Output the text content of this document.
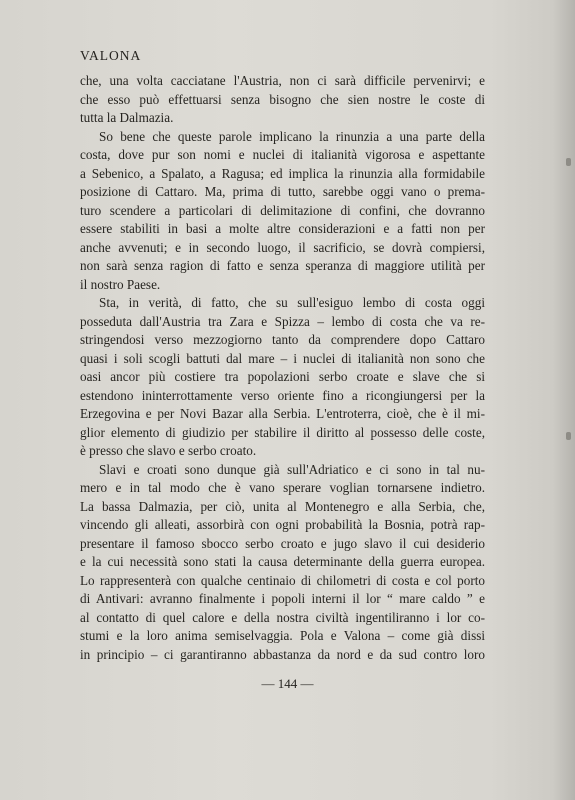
VALONA
che, una volta cacciatane l'Austria, non ci sarà difficile pervenirvi; e
che esso può effettuarsi senza bisogno che sien nostre le coste di
tutta la Dalmazia.
So bene che queste parole implicano la rinunzia a una parte della
costa, dove pur son nomi e nuclei di italianità vigorosa e aspettante
a Sebenico, a Spalato, a Ragusa; ed implica la rinunzia alla formidabile
posizione di Cattaro. Ma, prima di tutto, sarebbe oggi vano o prema-
turo scendere a particolari di delimitazione di confini, che dovranno
essere stabiliti in basi a molte altre considerazioni e a fatti non per
anche avvenuti; e in secondo luogo, il sacrificio, se dovrà compiersi,
non sarà senza ragion di fatto e senza speranza di maggiore utilità per
il nostro Paese.
Sta, in verità, di fatto, che su sull'esiguo lembo di costa oggi
posseduta dall'Austria tra Zara e Spizza – lembo di costa che va re-
stringendosi verso mezzogiorno tanto da comprendere dopo Cattaro
quasi i soli scogli battuti dal mare – i nuclei di italianità non sono che
oasi ancor più costiere tra popolazioni serbo croate e slave che si
estendono ininterrottamente verso oriente fino a ricongiungersi per la
Erzegovina e per Novi Bazar alla Serbia. L'entroterra, cioè, che è il mi-
glior elemento di giudizio per stabilire il diritto al possesso delle coste,
è presso che slavo e serbo croato.
Slavi e croati sono dunque già sull'Adriatico e ci sono in tal nu-
mero e in tal modo che è vano sperare voglian tornarsene indietro.
La bassa Dalmazia, per ciò, unita al Montenegro e alla Serbia, che,
vincendo gli alleati, assorbirà con ogni probabilità la Bosnia, potrà rap-
presentare il famoso sbocco serbo croato e jugo slavo il cui desiderio
e la cui necessità sono stati la causa determinante della guerra europea.
Lo rappresenterà con qualche centinaio di chilometri di costa e col porto
di Antivari: avranno finalmente i popoli interni il lor “ mare caldo ” e
al contatto di quel calore e della nostra civiltà ingentiliranno i lor co-
stumi e la loro anima semiselvaggia. Pola e Valona – come già dissi
in principio – ci garantiranno abbastanza da nord e da sud contro loro
— 144 —
